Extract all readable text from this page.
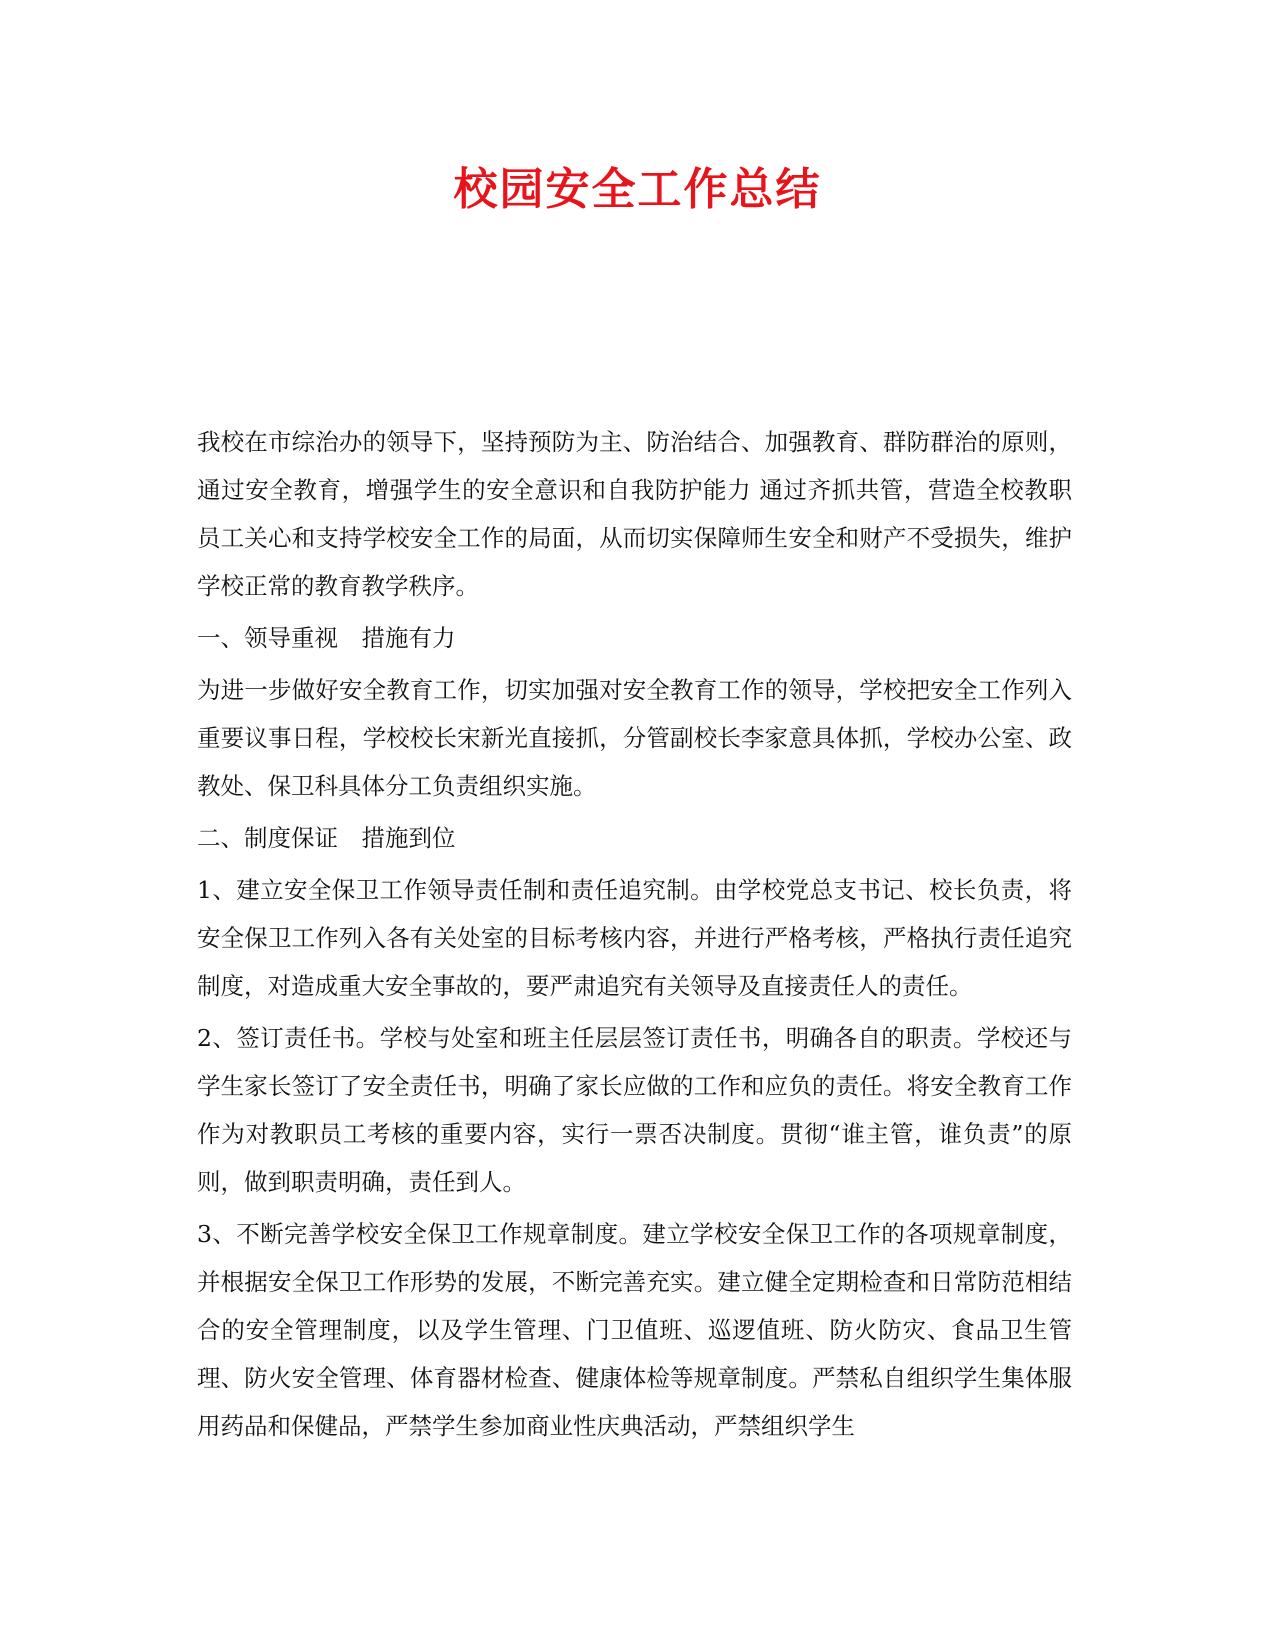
校园安全工作总结

我校在市综治办的领导下，坚持预防为主、防治结合、加强教育、群防群治的原则，通过安全教育，增强学生的安全意识和自我防护能力 通过齐抓共管，营造全校教职员工关心和支持学校安全工作的局面，从而切实保障师生安全和财产不受损失，维护学校正常的教育教学秩序。

一、领导重视　措施有力

为进一步做好安全教育工作，切实加强对安全教育工作的领导，学校把安全工作列入重要议事日程，学校校长宋新光直接抓，分管副校长李家意具体抓，学校办公室、政教处、保卫科具体分工负责组织实施。

二、制度保证　措施到位

1、建立安全保卫工作领导责任制和责任追究制。由学校党总支书记、校长负责，将安全保卫工作列入各有关处室的目标考核内容，并进行严格考核，严格执行责任追究制度，对造成重大安全事故的，要严肃追究有关领导及直接责任人的责任。

2、签订责任书。学校与处室和班主任层层签订责任书，明确各自的职责。学校还与学生家长签订了安全责任书，明确了家长应做的工作和应负的责任。将安全教育工作作为对教职员工考核的重要内容，实行一票否决制度。贯彻“谁主管，谁负责”的原则，做到职责明确，责任到人。

3、不断完善学校安全保卫工作规章制度。建立学校安全保卫工作的各项规章制度，并根据安全保卫工作形势的发展，不断完善充实。建立健全定期检查和日常防范相结合的安全管理制度，以及学生管理、门卫值班、巡逻值班、防火防灾、食品卫生管理、防火安全管理、体育器材检查、健康体检等规章制度。严禁私自组织学生集体服用药品和保健品，严禁学生参加商业性庆典活动，严禁组织学生
